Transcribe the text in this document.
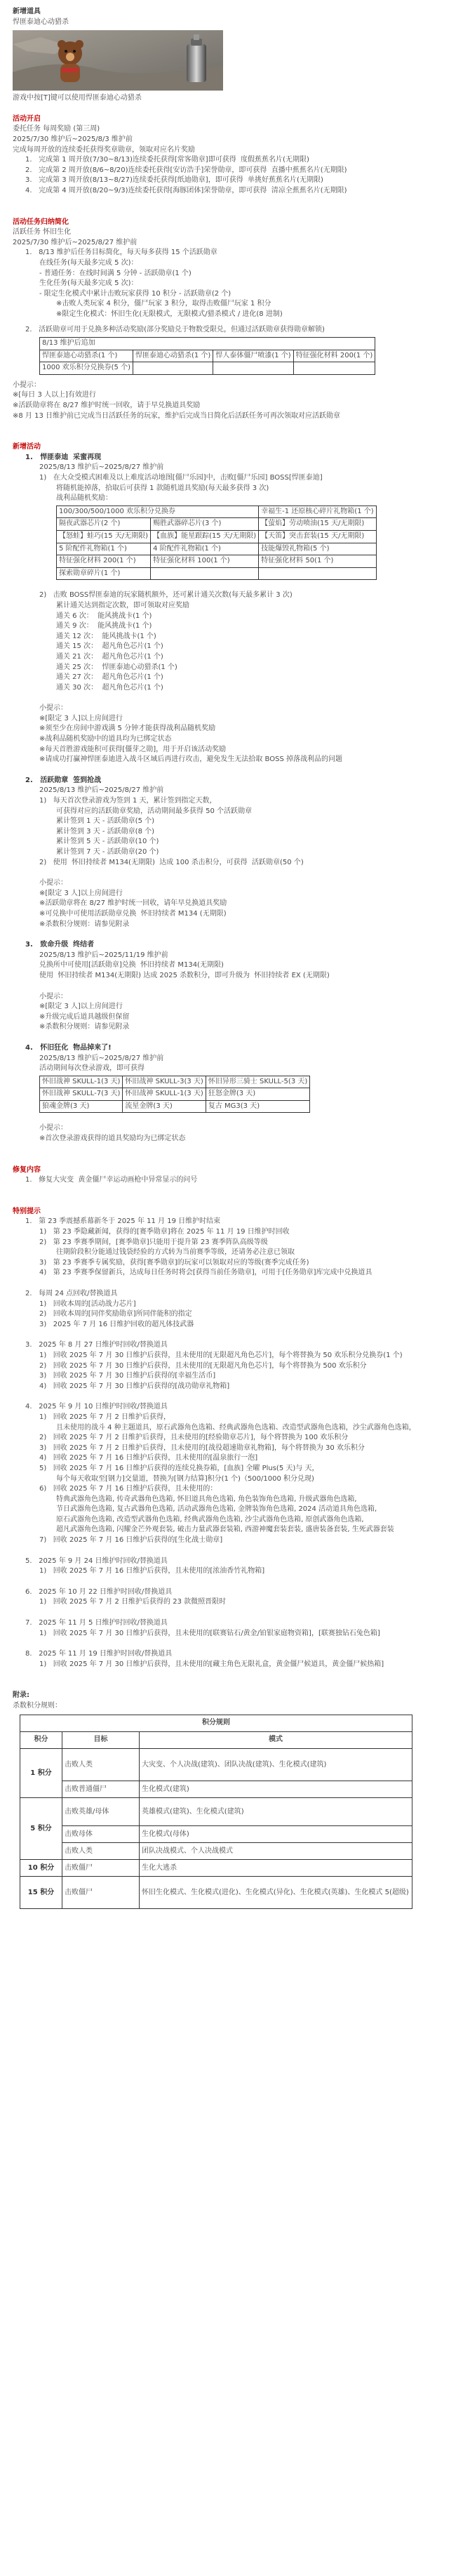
新增道具

悍匪泰迪心动猎杀

游戏中按[T]键可以使用悍匪泰迪心动猎杀

活动开启

委托任务 每周奖励 (第三周)

2025/7/30 维护后~2025/8/3 维护前

完成每周开放的连续委托获得奖章勋章，领取对应名片奖励

1.   完成第 1 周开放(7/30~8/13)连续委托获得[常客勋章]即可获得  度假蕉蕉名片(无期限)

2.   完成第 2 周开放(8/6~8/20)连续委托获得[安访浩手]荣誉勋章，即可获得  直播中蕉蕉名片(无期限)

3.   完成第 3 周开放(8/13~8/27)连续委托获得[纸迪勋章]，即可获得  单挑好蕉蕉名片(无期限)

4.   完成第 4 周开放(8/20~9/3)连续委托获得[海豚团体]荣誉勋章，即可获得  清凉全蕉蕉名片(无期限)

活动任务归纳简化

活跃任务 怀旧生化

2025/7/30 维护后~2025/8/27 维护前

1.   8/13 维护后任务目标简化，每天每多获得 15 个活跃勋章

在线任务(每天最多完成 5 次)：

- 普通任务：在线时间满 5 分钟 - 活跃勋章(1 个)

生化任务(每天最多完成 5 次)：

- 限定生化模式中累计击败玩家获得 10 积分 - 活跃勋章(2 个)

※击败人类玩家 4 积分，僵尸玩家 3 积分，取得击败僵尸玩家 1 积分

※限定生化模式：怀旧生化(无限模式，无限模式/猎杀模式 / 进化(8 进制)

2.   活跃勋章可用于兑换多种活动奖励(部分奖励兑于物数受限兑，但通过活跃勋章获得勋章解锁)

8/13 维护后追加			
悍匪泰迪心动猎杀(1 个)	悍匪泰迪心动猎杀(1 个)	悍人泰体僵尸喷漆(1 个)	特征强化材料 200(1 个)
1000 欢乐积分兑换券(5 个)			

小提示：

※[每日 3 人以上]有效进行

※活跃勋章将在 8/27 维护时统一回收，请于早兑换道具奖励

※8 月 13 日维护前已完成当日活跃任务的玩家，维护后完成当日简化后活跃任务可再次领取对应活跃勋章

新增活动

1.   悍匪泰迪  采蜜再现

2025/8/13 维护后~2025/8/27 维护前

1)   在大众受模式困难及以上难度活动地图[僵尸乐园]中，击败[僵尸乐园] BOSS[悍匪泰迪]

将随机能掉落，拾取后可获得 1 款随机道具奖励(每天最多获得 3 次)

战利品随机奖励：

100/300/500/1000 欢乐积分兑换券		幸福生-1 还原核心碎片礼物箱(1 个)
隔夜武器芯片(2 个)	赐胜武器碎芯片(3 个)	【萤焰】劳动喷油(15 天/无期限)
【怒蛙】蛙巧(15 天/无期限)	【血族】能星跟踪(15 天/无期限)	【天笛】突击套装(15 天/无期限)
5 阶配件礼物箱(1 个)	4 阶配件礼物箱(1 个)	技能爆毁礼物箱(5 个)
特征强化材料 200(1 个)	特征强化材料 100(1 个)	特征强化材料 50(1 个)
探索勋章碎片(1 个)		

2)   击败 BOSS悍匪泰迪的玩家随机额外，还可累计通关次数(每天最多累计 3 次)

累计通关达到指定次数，即可领取对应奖励

通关 6 次：  能风挑战卡(1 个)

通关 9 次：  能风挑战卡(1 个)

通关 12 次：  能风挑战卡(1 个)

通关 15 次：  超凡角色芯片(1 个)

通关 21 次：  超凡角色芯片(1 个)

通关 25 次：  悍匪泰迪心动猎杀(1 个)

通关 27 次：  超凡角色芯片(1 个)

通关 30 次：  超凡角色芯片(1 个)

小提示：

※[限定 3 人]以上房间进行

※须至少在房间中游戏满 5 分钟才能获得战利品随机奖励

※战利品随机奖励中的道具均为已绑定状态

※每天首胜游戏能积可获得[僵芽之勋]，用于开启该活动奖励

※请成功打赢神悍匪泰迪进入战斗区域后再进行攻击，避免发生无法拾取 BOSS 掉落战利品的问题

2.   活跃勋章  签到抢战

2025/8/13 维护后~2025/8/27 维护前

1)   每天首次登录游戏为签到 1 天，累计签到指定天数，

可获得对应的活跃勋章奖励，活动期间最多获得 50 个活跃勋章

累计签到 1 天 - 活跃勋章(5 个)

累计签到 3 天 - 活跃勋章(8 个)

累计签到 5 天 - 活跃勋章(10 个)

累计签到 7 天 - 活跃勋章(20 个)

2)   使用  怀旧持续者 M134(无期限)  达成 100 杀击积分，可获得  活跃勋章(50 个)

小提示：

※[限定 3 人]以上房间进行

※活跃勋章将在 8/27 维护时统一回收，请年早兑换道具奖励

※可兑换中可使用活跃勋章兑换  怀旧持续者 M134 (无期限)

※杀数积分规则：请参见附录

3.   致命升级  终结者

2025/8/13 维护后~2025/11/19 维护前

兑换所中可使用[活跃勋章]兑换  怀旧持续者 M134(无期限)

使用  怀旧持续者 M134(无期限) 达成 2025 杀数积分，即可升级为  怀旧持续者 EX (无期限)

小提示：

※[限定 3 人]以上房间进行

※升级完成后道具越级但保留

※杀数积分规则：请参见附录

4.   怀旧狂化  物品掉来了!

2025/8/13 维护后~2025/8/27 维护前

活动期间每次登录游戏，即可获得

怀旧战神 SKULL-1(3 天)	怀旧战神 SKULL-3(3 天)	怀旧异形三骑士 SKULL-5(3 天)
怀旧战神 SKULL-7(3 天)	怀旧战神 SKULL-1(3 天)	狂怒金牌(3 天)
狼魂金牌(3 天)	流星金牌(3 天)	复古 MG3(3 天)

小提示：

※首次登录游戏获得的道具奖励均为已绑定状态

修复内容

1.   修复大灾变  黄金僵尸幸运动画枪中异常显示的问号

特别提示

1.   第 23 季震撼系幕新冬于 2025 年 11 月 19 日维护时结束

1)   第 23 季隐藏新闻，获得的[赛季勋章]将在 2025 年 11 月 19 日维护时回收

2)   第 23 季赛季期间，[赛季勋章]只能用于提升第 23 赛季阵队高级等级

往期阶段积分能通过钱袋经验的方式转为当前赛季等级，还请务必注意已领取

3)   第 23 季赛季专属奖励，获得[赛季勋章]的玩家可以领取对应的等级(赛季完成任务)

4)   第 23 季赛季保留新兵，达成每日任务时将会[获得当前任务勋章]，可用于[任务勋章]库完成中兑换道具

2.   每周 24 点回收/替换道具

1)   回收本周的[活动战力芯片]

2)   回收本周的[同伴奖励勋章]所同伴能积的指定

3)   2025 年 7 月 16 日维护回收的超凡体技武器

3.   2025 年 8 月 27 日维护时回收/替换道具

1)   回收 2025 年 7 月 30 日维护后获得，且未使用的[无限超凡角色芯片]，每个将替换为 50 欢乐积分兑换券(1 个)

2)   回收 2025 年 7 月 30 日维护后获得，且未使用的[无限超凡角色芯片]，每个将替换为 500 欢乐积分

3)   回收 2025 年 7 月 30 日维护后获得的[幸福生活币]

4)   回收 2025 年 7 月 30 日维护后获得的[战功勋章礼物箱]

4.   2025 年 9 月 10 日维护时回收/替换道具

1)   回收 2025 年 7 月 2 日维护后获得，

且未使用的战斗 4 种主题道具，原石武器角色选箱、经典武器角色选箱、改造型武器角色选箱，沙尘武器角色选箱，

2)   回收 2025 年 7 月 2 日维护后获得，且未使用的[经验勋章芯片]，每个将替换为 100 欢乐积分

3)   回收 2025 年 7 月 2 日维护后获得，且未使用的[战役超速勋章礼物箱]，每个将替换为 30 欢乐积分

4)   回收 2025 年 7 月 16 日维护后获得，且未使用的[温泉旅行一泡]

5)   回收 2025 年 7 月 16 日维护后获得的连续兑换券箱，[血族] 全曜 Plus(5 天)与 天，

每个每天收取至[钢力]交量道，替换为[钢力结算]积分(1 个)（500/1000 积分兑现)

6)   回收 2025 年 7 月 16 日维护后获得，且未使用的：

特典武器角色选箱, 传奇武器角色选箱, 怀旧道具角色选箱, 角色装饰角色选箱, 升级武器角色选箱,

节日武器角色选箱, 复古武器角色选箱, 活动武器角色选箱, 金牌装饰角色选箱, 2024 活动道具角色选箱,

原石武器角色选箱, 改造型武器角色选箱, 经典武器角色选箱, 沙尘武器角色选箱, 原创武器角色选箱,

超凡武器角色选箱, 闪耀金芒外观套装, 破击力量武器套装箱, 西游神魔套装套装, 盛唐装备套装, 生死武器套装

7)   回收 2025 年 7 月 16 日维护后获得的[生化战士勋章]

5.   2025 年 9 月 24 日维护时回收/替换道具

1)   回收 2025 年 7 月 16 日维护后获得，且未使用的[浓油香竹礼物箱]

6.   2025 年 10 月 22 日维护时回收/替换道具

1)   回收 2025 年 7 月 2 日维护后获得的 23 款微照晋限时

7.   2025 年 11 月 5 日维护时回收/替换道具

1)   回收 2025 年 7 月 30 日维护后获得，且未使用的[联赛钻石/黄金/铂银家庭物资箱]，[联赛独钻石兔色箱]

8.   2025 年 11 月 19 日维护时回收/替换道具

1)   回收 2025 年 7 月 30 日维护后获得，且未使用的[藏主角色无限礼盒，黄金僵尸候道具，黄金僵尸候热箱]

附录:

杀数积分规则：

积分规则		
积分	目标	模式
1 积分	击败人类	大灾变、个人决战(建筑)、团队决战(建筑)、生化模式(建筑)
	击败普通僵尸	生化模式(建筑)
5 积分	击败英雄/母体	英雄模式(建筑)、生化模式(建筑)
	击败母体	生化模式(母体)
	击败人类	团队决战模式、个人决战模式
10 积分	击败僵尸	生化大逃杀
15 积分	击败僵尸	怀旧生化模式、生化模式(进化)、生化模式(异化)、生化模式(英雄)、生化模式 5(超级)
